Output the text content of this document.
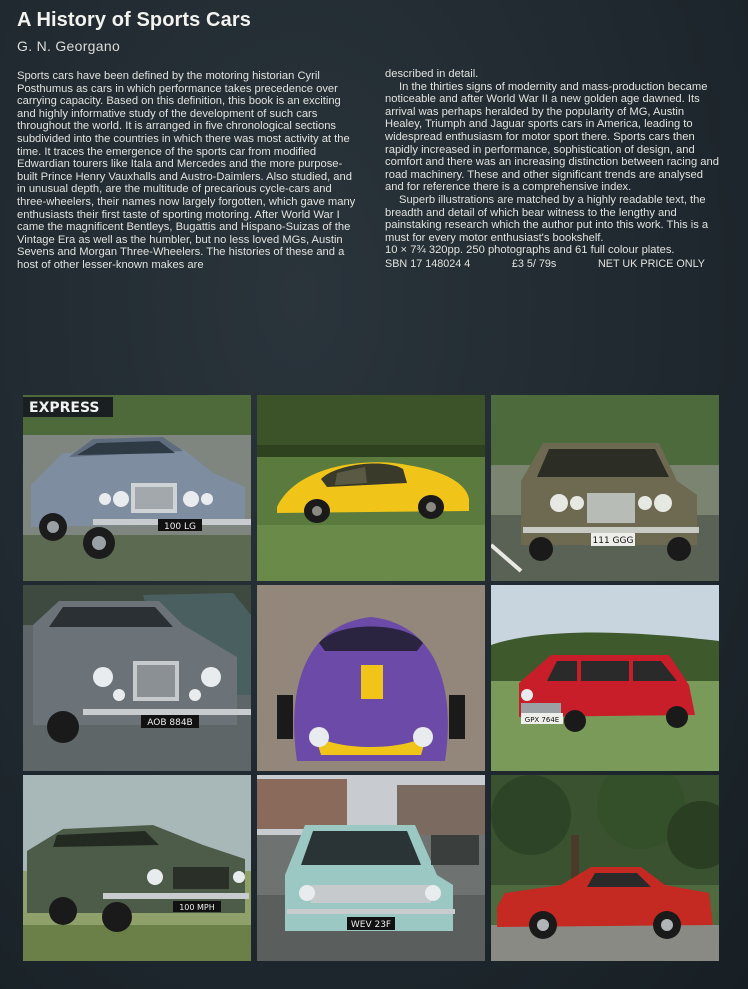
A History of Sports Cars
G. N. Georgano

Sports cars have been defined by the motoring historian Cyril Posthumus as cars in which performance takes precedence over carrying capacity. Based on this definition, this book is an exciting and highly informative study of the development of such cars throughout the world. It is arranged in five chronological sections subdivided into the countries in which there was most activity at the time. It traces the emergence of the sports car from modified Edwardian tourers like Itala and Mercedes and the more purpose-built Prince Henry Vauxhalls and Austro-Daimlers. Also studied, and in unusual depth, are the multitude of precarious cycle-cars and three-wheelers, their names now largely forgotten, which gave many enthusiasts their first taste of sporting motoring. After World War I came the magnificent Bentleys, Bugattis and Hispano-Suizas of the Vintage Era as well as the humbler, but no less loved MGs, Austin Sevens and Morgan Three-Wheelers. The histories of these and a host of other lesser-known makes are

described in detail.

In the thirties signs of modernity and mass-production became noticeable and after World War II a new golden age dawned. Its arrival was perhaps heralded by the popularity of MG, Austin Healey, Triumph and Jaguar sports cars in America, leading to widespread enthusiasm for motor sport there. Sports cars then rapidly increased in performance, sophistication of design, and comfort and there was an increasing distinction between racing and road machinery. These and other significant trends are analysed and for reference there is a comprehensive index.

Superb illustrations are matched by a highly readable text, the breadth and detail of which bear witness to the lengthy and painstaking research which the author put into this work. This is a must for every motor enthusiast's bookshelf.

10 × 7¾ 320pp. 250 photographs and 61 full colour plates.

SBN 17 148024 4	£3 5/ 79s	NET UK PRICE ONLY
EXPRESS
100 LG
111 GGG
AOB 884B	GPX 764E
100 MPH
WEV 23F
